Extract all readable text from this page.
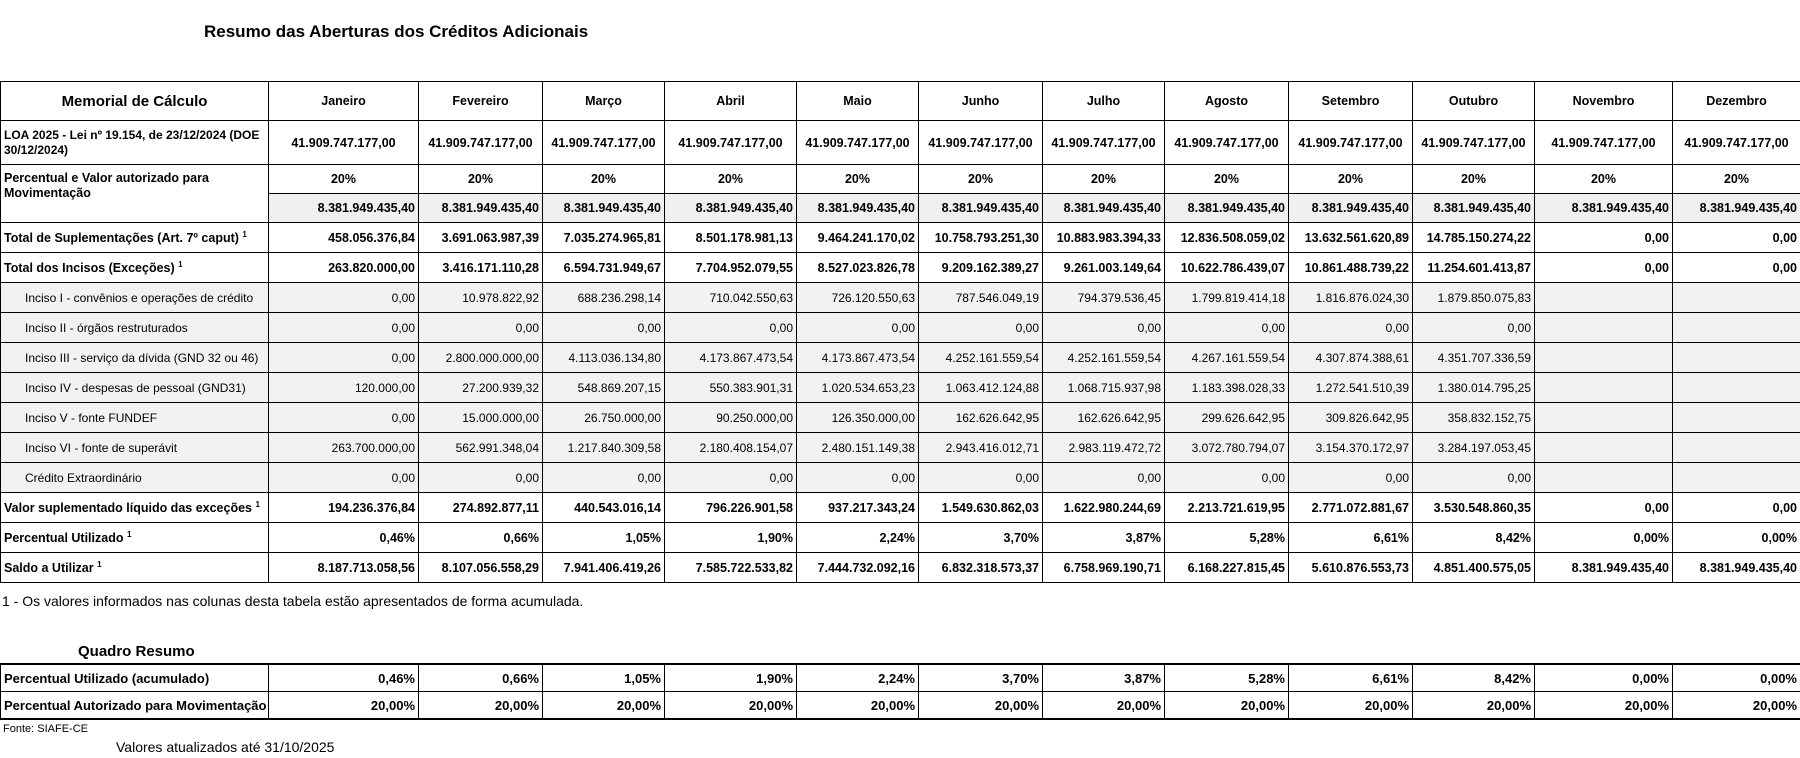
Resumo das Aberturas dos Créditos Adicionais
Memorial de Cálculo	Janeiro	Fevereiro	Março	Abril	Maio	Junho	Julho	Agosto	Setembro	Outubro	Novembro	Dezembro
LOA 2025 - Lei nº 19.154, de 23/12/2024 (DOE 30/12/2024)	41.909.747.177,00	41.909.747.177,00	41.909.747.177,00	41.909.747.177,00	41.909.747.177,00	41.909.747.177,00	41.909.747.177,00	41.909.747.177,00	41.909.747.177,00	41.909.747.177,00	41.909.747.177,00	41.909.747.177,00
Percentual e Valor autorizado para Movimentação	20%	20%	20%	20%	20%	20%	20%	20%	20%	20%	20%	20%
	8.381.949.435,40	8.381.949.435,40	8.381.949.435,40	8.381.949.435,40	8.381.949.435,40	8.381.949.435,40	8.381.949.435,40	8.381.949.435,40	8.381.949.435,40	8.381.949.435,40	8.381.949.435,40	8.381.949.435,40
Total de Suplementações (Art. 7º caput) $^1$	458.056.376,84	3.691.063.987,39	7.035.274.965,81	8.501.178.981,13	9.464.241.170,02	10.758.793.251,30	10.883.983.394,33	12.836.508.059,02	13.632.561.620,89	14.785.150.274,22	0,00	0,00
Total dos Incisos (Exceções) $^1$	263.820.000,00	3.416.171.110,28	6.594.731.949,67	7.704.952.079,55	8.527.023.826,78	9.209.162.389,27	9.261.003.149,64	10.622.786.439,07	10.861.488.739,22	11.254.601.413,87	0,00	0,00
Inciso I - convênios e operações de crédito	0,00	10.978.822,92	688.236.298,14	710.042.550,63	726.120.550,63	787.546.049,19	794.379.536,45	1.799.819.414,18	1.816.876.024,30	1.879.850.075,83		
Inciso II - órgãos restruturados	0,00	0,00	0,00	0,00	0,00	0,00	0,00	0,00	0,00	0,00		
Inciso III - serviço da dívida (GND 32 ou 46)	0,00	2.800.000.000,00	4.113.036.134,80	4.173.867.473,54	4.173.867.473,54	4.252.161.559,54	4.252.161.559,54	4.267.161.559,54	4.307.874.388,61	4.351.707.336,59		
Inciso IV - despesas de pessoal (GND31)	120.000,00	27.200.939,32	548.869.207,15	550.383.901,31	1.020.534.653,23	1.063.412.124,88	1.068.715.937,98	1.183.398.028,33	1.272.541.510,39	1.380.014.795,25		
Inciso V - fonte FUNDEF	0,00	15.000.000,00	26.750.000,00	90.250.000,00	126.350.000,00	162.626.642,95	162.626.642,95	299.626.642,95	309.826.642,95	358.832.152,75		
Inciso VI - fonte de superávit	263.700.000,00	562.991.348,04	1.217.840.309,58	2.180.408.154,07	2.480.151.149,38	2.943.416.012,71	2.983.119.472,72	3.072.780.794,07	3.154.370.172,97	3.284.197.053,45		
Crédito Extraordinário	0,00	0,00	0,00	0,00	0,00	0,00	0,00	0,00	0,00	0,00		
Valor suplementado líquido das exceções $^1$	194.236.376,84	274.892.877,11	440.543.016,14	796.226.901,58	937.217.343,24	1.549.630.862,03	1.622.980.244,69	2.213.721.619,95	2.771.072.881,67	3.530.548.860,35	0,00	0,00
Percentual Utilizado $^1$	0,46%	0,66%	1,05%	1,90%	2,24%	3,70%	3,87%	5,28%	6,61%	8,42%	0,00%	0,00%
Saldo a Utilizar $^1$	8.187.713.058,56	8.107.056.558,29	7.941.406.419,26	7.585.722.533,82	7.444.732.092,16	6.832.318.573,37	6.758.969.190,71	6.168.227.815,45	5.610.876.553,73	4.851.400.575,05	8.381.949.435,40	8.381.949.435,40
1 - Os valores informados nas colunas desta tabela estão apresentados de forma acumulada.
Quadro Resumo
Percentual Utilizado (acumulado)	0,46%	0,66%	1,05%	1,90%	2,24%	3,70%	3,87%	5,28%	6,61%	8,42%	0,00%	0,00%
Percentual Autorizado para Movimentação	20,00%	20,00%	20,00%	20,00%	20,00%	20,00%	20,00%	20,00%	20,00%	20,00%	20,00%	20,00%
Fonte: SIAFE-CE
Valores atualizados até 31/10/2025
